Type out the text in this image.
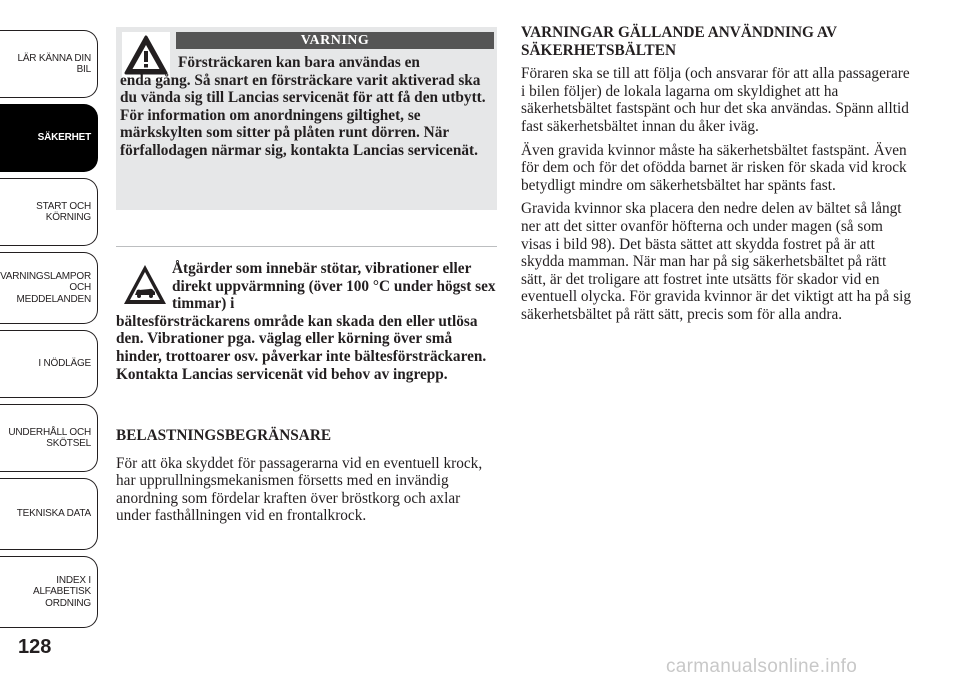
LÄR KÄNNA DIN
BIL
SÄKERHET
START OCH
KÖRNING
VARNINGSLAMPOR
OCH
MEDDELANDEN
I NÖDLÄGE
UNDERHÅLL OCH
SKÖTSEL
TEKNISKA DATA
INDEX I
ALFABETISK
ORDNING
128
VARNING
Försträckaren kan bara användas en
enda gång. Så snart en försträckare varit aktiverad ska du vända sig till Lancias servicenät för att få den utbytt. För information om anordningens giltighet, se märkskylten som sitter på plåten runt dörren. När förfallodagen närmar sig, kontakta Lancias servicenät.
Åtgärder som innebär stötar, vibrationer eller direkt uppvärmning (över 100 °C under högst sex timmar) i
bältesförsträckarens område kan skada den eller utlösa den. Vibrationer pga. väglag eller körning över små hinder, trottoarer osv. påverkar inte bältesförsträckaren. Kontakta Lancias servicenät vid behov av ingrepp.
BELASTNINGSBEGRÄNSARE

För att öka skyddet för passagerarna vid en eventuell krock, har upprullningsmekanismen försetts med en invändig anordning som fördelar kraften över bröstkorg och axlar under fasthållningen vid en frontalkrock.

VARNINGAR GÄLLANDE ANVÄNDNING AV SÄKERHETSBÄLTEN

Föraren ska se till att följa (och ansvarar för att alla passagerare i bilen följer) de lokala lagarna om skyldighet att ha säkerhetsbältet fastspänt och hur det ska användas. Spänn alltid fast säkerhetsbältet innan du åker iväg.

Även gravida kvinnor måste ha säkerhetsbältet fastspänt. Även för dem och för det ofödda barnet är risken för skada vid krock betydligt mindre om säkerhetsbältet har spänts fast.

Gravida kvinnor ska placera den nedre delen av bältet så långt ner att det sitter ovanför höfterna och under magen (så som visas i bild 98). Det bästa sättet att skydda fostret på är att skydda mamman. När man har på sig säkerhetsbältet på rätt sätt, är det troligare att fostret inte utsätts för skador vid en eventuell olycka. För gravida kvinnor är det viktigt att ha på sig säkerhetsbältet på rätt sätt, precis som för alla andra.

carmanualsonline.info
